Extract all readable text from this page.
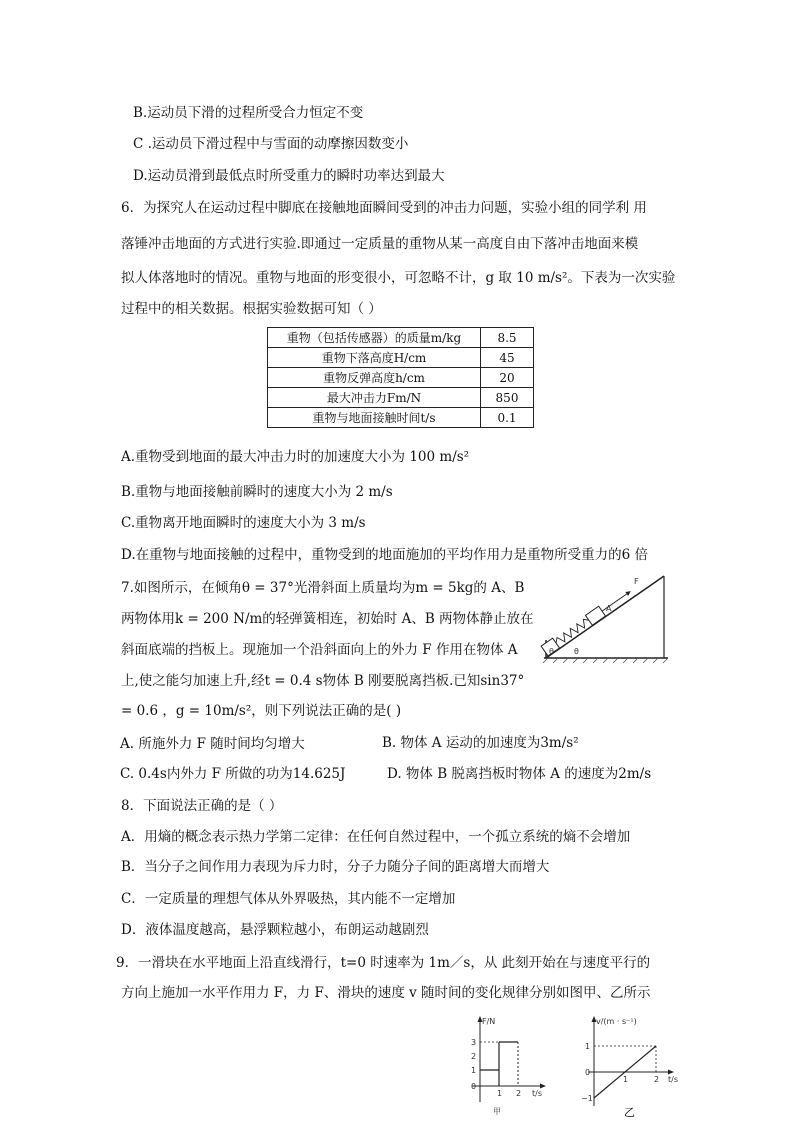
B.运动员下滑的过程所受合力恒定不变
C .运动员下滑过程中与雪面的动摩擦因数变小
D.运动员滑到最低点时所受重力的瞬时功率达到最大
6．为探究人在运动过程中脚底在接触地面瞬间受到的冲击力问题，实验小组的同学利 用
落锤冲击地面的方式进行实验.即通过一定质量的重物从某一高度自由下落冲击地面来模
拟人体落地时的情况。重物与地面的形变很小，可忽略不计，g 取 10 m/s²。下表为一次实验
过程中的相关数据。根据实验数据可知（ ）
重物（包括传感器）的质量m/kg	8.5
重物下落高度H/cm	45
重物反弹高度h/cm	20
最大冲击力Fm/N	850
重物与地面接触时间t/s	0.1
A.重物受到地面的最大冲击力时的加速度大小为 100 m/s²
B.重物与地面接触前瞬时的速度大小为 2 m/s
C.重物离开地面瞬时的速度大小为 3 m/s
D.在重物与地面接触的过程中，重物受到的地面施加的平均作用力是重物所受重力的6 倍
7.如图所示，在倾角θ = 37°光滑斜面上质量均为m = 5kg的 A、B
两物体用k = 200 N/m的轻弹簧相连，初始时 A、B 两物体静止放在
斜面底端的挡板上。现施加一个沿斜面向上的外力 F 作用在物体 A
上,使之能匀加速上升,经t = 0.4 s物体 B 刚要脱离挡板.已知sin37°
= 0.6 ，g = 10m/s²，则下列说法正确的是( )
θ	θ
A
F
A. 所施外力 F 随时间均匀增大	B. 物体 A 运动的加速度为3m/s²
C. 0.4s内外力 F 所做的功为14.625J	D. 物体 B 脱离挡板时物体 A 的速度为2m/s
8．下面说法正确的是（ ）
A．用熵的概念表示热力学第二定律：在任何自然过程中，一个孤立系统的熵不会增加
B．当分子之间作用力表现为斥力时，分子力随分子间的距离增大而增大
C．一定质量的理想气体从外界吸热，其内能不一定增加
D．液体温度越高，悬浮颗粒越小，布朗运动越剧烈
9．一滑块在水平地面上沿直线滑行，t=0 时速率为 1m／s，从 此刻开始在与速度平行的
方向上施加一水平作用力 F，力 F、滑块的速度 v 随时间的变化规律分别如图甲、乙所示
F/N
3
2
1
0
1 2 t/s
甲
v/(m · s⁻¹)
1
0
−1
1	2 t/s
乙
